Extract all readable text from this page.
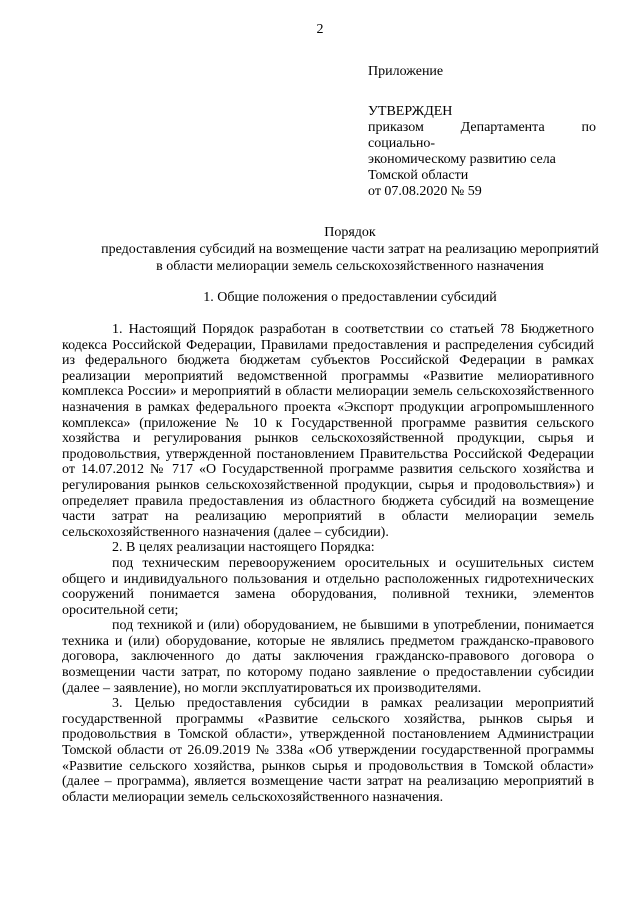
2

Приложение

УТВЕРЖДЕН

приказом Департамента по

социально-

экономическому развитию села

Томской области

от 07.08.2020 № 59

Порядок

предоставления субсидий на возмещение части затрат на реализацию мероприятий

в области мелиорации земель сельскохозяйственного назначения

1. Общие положения о предоставлении субсидий

1. Настоящий Порядок разработан в соответствии со статьей 78 Бюджетного кодекса Российской Федерации, Правилами предоставления и распределения субсидий из федерального бюджета бюджетам субъектов Российской Федерации в рамках реализации мероприятий ведомственной программы «Развитие мелиоративного комплекса России» и мероприятий в области мелиорации земель сельскохозяйственного назначения в рамках федерального проекта «Экспорт продукции агропромышленного комплекса» (приложение № 10 к Государственной программе развития сельского хозяйства и регулирования рынков сельскохозяйственной продукции, сырья и продовольствия, утвержденной постановлением Правительства Российской Федерации от 14.07.2012 № 717 «О Государственной программе развития сельского хозяйства и регулирования рынков сельскохозяйственной продукции, сырья и продовольствия») и определяет правила предоставления из областного бюджета субсидий на возмещение части затрат на реализацию мероприятий в области мелиорации земель сельскохозяйственного назначения (далее – субсидии).

2. В целях реализации настоящего Порядка:

под техническим перевооружением оросительных и осушительных систем общего и индивидуального пользования и отдельно расположенных гидротехнических сооружений понимается замена оборудования, поливной техники, элементов оросительной сети;

под техникой и (или) оборудованием, не бывшими в употреблении, понимается техника и (или) оборудование, которые не являлись предметом гражданско-правового договора, заключенного до даты заключения гражданско-правового договора о возмещении части затрат, по которому подано заявление о предоставлении субсидии (далее – заявление), но могли эксплуатироваться их производителями.

3. Целью предоставления субсидии в рамках реализации мероприятий государственной программы «Развитие сельского хозяйства, рынков сырья и продовольствия в Томской области», утвержденной постановлением Администрации Томской области от 26.09.2019 № 338а «Об утверждении государственной программы «Развитие сельского хозяйства, рынков сырья и продовольствия в Томской области» (далее – программа), является возмещение части затрат на реализацию мероприятий в области мелиорации земель сельскохозяйственного назначения.
